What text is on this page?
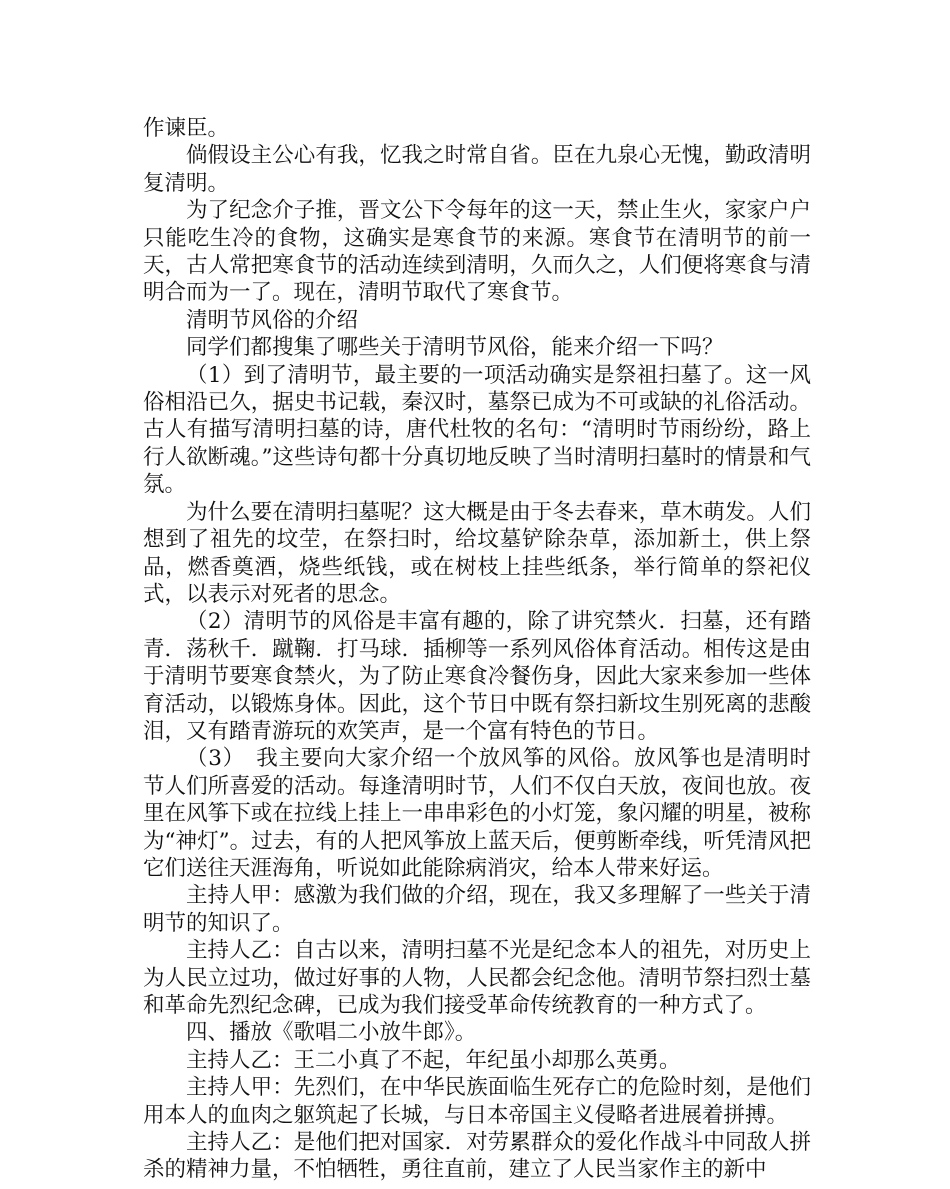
作谏臣。

倘假设主公心有我，忆我之时常自省。臣在九泉心无愧，勤政清明复清明。

为了纪念介子推，晋文公下令每年的这一天，禁止生火，家家户户只能吃生冷的食物，这确实是寒食节的来源。寒食节在清明节的前一天，古人常把寒食节的活动连续到清明，久而久之，人们便将寒食与清明合而为一了。现在，清明节取代了寒食节。

清明节风俗的介绍

同学们都搜集了哪些关于清明节风俗，能来介绍一下吗？

（1）到了清明节，最主要的一项活动确实是祭祖扫墓了。这一风俗相沿已久，据史书记载，秦汉时，墓祭已成为不可或缺的礼俗活动。古人有描写清明扫墓的诗，唐代杜牧的名句：“清明时节雨纷纷，路上行人欲断魂。”这些诗句都十分真切地反映了当时清明扫墓时的情景和气氛。

为什么要在清明扫墓呢？这大概是由于冬去春来，草木萌发。人们想到了祖先的坟茔，在祭扫时，给坟墓铲除杂草，添加新土，供上祭品，燃香奠酒，烧些纸钱，或在树枝上挂些纸条，举行简单的祭祀仪式，以表示对死者的思念。

（2）清明节的风俗是丰富有趣的，除了讲究禁火．扫墓，还有踏青．荡秋千．蹴鞠．打马球．插柳等一系列风俗体育活动。相传这是由于清明节要寒食禁火，为了防止寒食冷餐伤身，因此大家来参加一些体育活动，以锻炼身体。因此，这个节日中既有祭扫新坟生别死离的悲酸泪，又有踏青游玩的欢笑声，是一个富有特色的节日。

（3）　我主要向大家介绍一个放风筝的风俗。放风筝也是清明时节人们所喜爱的活动。每逢清明时节，人们不仅白天放，夜间也放。夜里在风筝下或在拉线上挂上一串串彩色的小灯笼，象闪耀的明星，被称为“神灯”。过去，有的人把风筝放上蓝天后，便剪断牵线，听凭清风把它们送往天涯海角，听说如此能除病消灾，给本人带来好运。

主持人甲：感激为我们做的介绍，现在，我又多理解了一些关于清明节的知识了。

主持人乙：自古以来，清明扫墓不光是纪念本人的祖先，对历史上为人民立过功，做过好事的人物，人民都会纪念他。清明节祭扫烈士墓和革命先烈纪念碑，已成为我们接受革命传统教育的一种方式了。

四、播放《歌唱二小放牛郎》。

主持人乙：王二小真了不起，年纪虽小却那么英勇。

主持人甲：先烈们，在中华民族面临生死存亡的危险时刻，是他们用本人的血肉之躯筑起了长城，与日本帝国主义侵略者进展着拼搏。

主持人乙：是他们把对国家．对劳累群众的爱化作战斗中同敌人拼杀的精神力量，不怕牺牲，勇往直前，建立了人民当家作主的新中
